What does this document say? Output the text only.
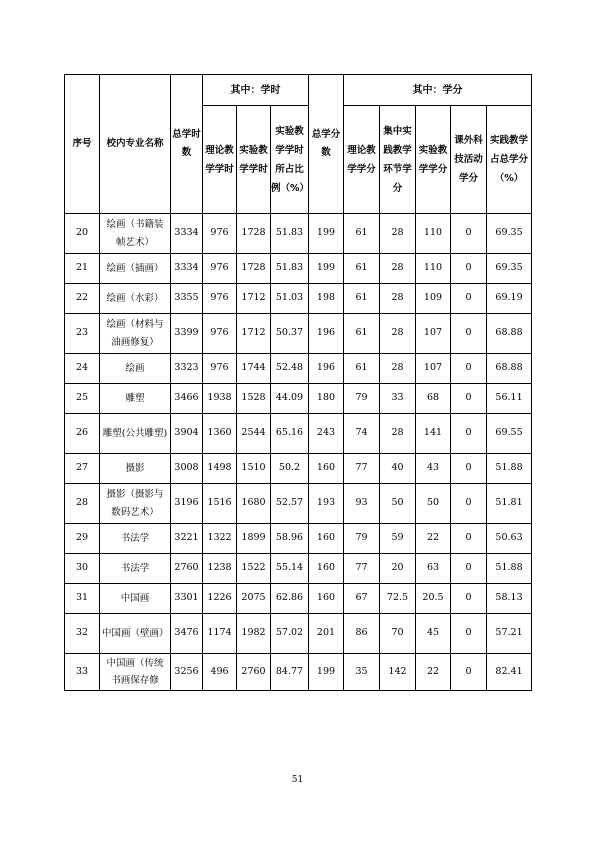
序号	校内专业名称	总学时数	其中：学时			总学分数	其中：学分				
			理论教学学时	实验教学学时	实验教学学时所占比例（%）		理论教学学分	集中实践教学环节学分	实验教学学分	课外科技活动学分	实践教学占总学分（%）
20	绘画（书籍装帧艺术）	3334	976	1728	51.83	199	61	28	110	0	69.35
21	绘画（插画）	3334	976	1728	51.83	199	61	28	110	0	69.35
22	绘画（水彩）	3355	976	1712	51.03	198	61	28	109	0	69.19
23	绘画（材料与油画修复）	3399	976	1712	50.37	196	61	28	107	0	68.88
24	绘画	3323	976	1744	52.48	196	61	28	107	0	68.88
25	雕塑	3466	1938	1528	44.09	180	79	33	68	0	56.11
26	雕塑(公共雕塑)	3904	1360	2544	65.16	243	74	28	141	0	69.55
27	摄影	3008	1498	1510	50.2	160	77	40	43	0	51.88
28	摄影（摄影与数码艺术）	3196	1516	1680	52.57	193	93	50	50	0	51.81
29	书法学	3221	1322	1899	58.96	160	79	59	22	0	50.63
30	书法学	2760	1238	1522	55.14	160	77	20	63	0	51.88
31	中国画	3301	1226	2075	62.86	160	67	72.5	20.5	0	58.13
32	中国画（壁画）	3476	1174	1982	57.02	201	86	70	45	0	57.21
33	中国画（传统书画保存修	3256	496	2760	84.77	199	35	142	22	0	82.41
51
